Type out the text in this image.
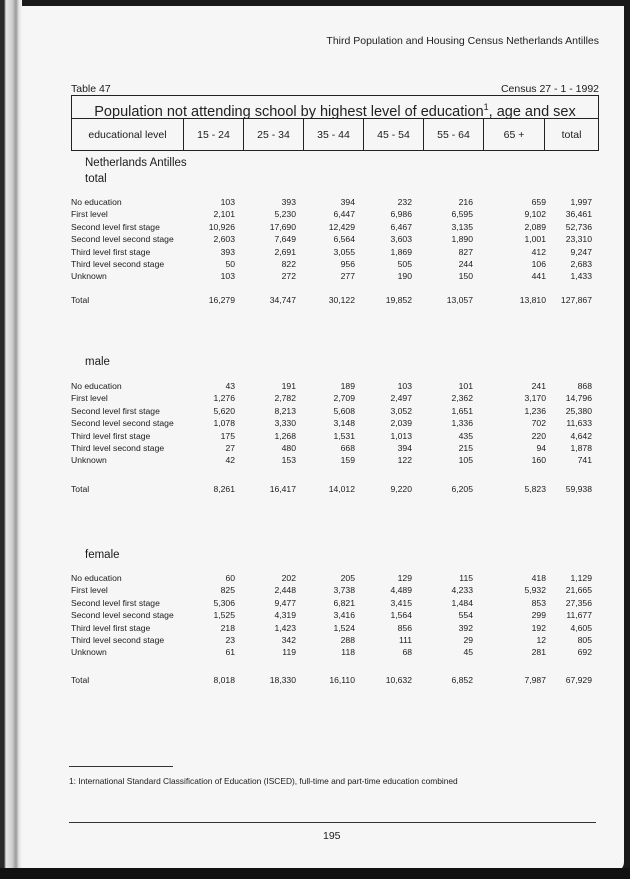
Third Population and Housing Census Netherlands Antilles
Table 47	Census 27 - 1 - 1992
Population not attending school by highest level of education$^1$, age and sex
educational level	15 - 24	25 - 34	35 - 44	45 - 54	55 - 64	65 +	total
Netherlands Antilles
total
No education	103	393	394	232	216	659	1,997
First level	2,101	5,230	6,447	6,986	6,595	9,102	36,461
Second level first stage	10,926	17,690	12,429	6,467	3,135	2,089	52,736
Second level second stage	2,603	7,649	6,564	3,603	1,890	1,001	23,310
Third level first stage	393	2,691	3,055	1,869	827	412	9,247
Third level second stage	50	822	956	505	244	106	2,683
Unknown	103	272	277	190	150	441	1,433
Total	16,279	34,747	30,122	19,852	13,057	13,810	127,867
male
No education	43	191	189	103	101	241	868
First level	1,276	2,782	2,709	2,497	2,362	3,170	14,796
Second level first stage	5,620	8,213	5,608	3,052	1,651	1,236	25,380
Second level second stage	1,078	3,330	3,148	2,039	1,336	702	11,633
Third level first stage	175	1,268	1,531	1,013	435	220	4,642
Third level second stage	27	480	668	394	215	94	1,878
Unknown	42	153	159	122	105	160	741
Total	8,261	16,417	14,012	9,220	6,205	5,823	59,938
female
No education	60	202	205	129	115	418	1,129
First level	825	2,448	3,738	4,489	4,233	5,932	21,665
Second level first stage	5,306	9,477	6,821	3,415	1,484	853	27,356
Second level second stage	1,525	4,319	3,416	1,564	554	299	11,677
Third level first stage	218	1,423	1,524	856	392	192	4,605
Third level second stage	23	342	288	111	29	12	805
Unknown	61	119	118	68	45	281	692
Total	8,018	18,330	16,110	10,632	6,852	7,987	67,929
1: International Standard Classification of Education (ISCED), full-time and part-time education combined
195
